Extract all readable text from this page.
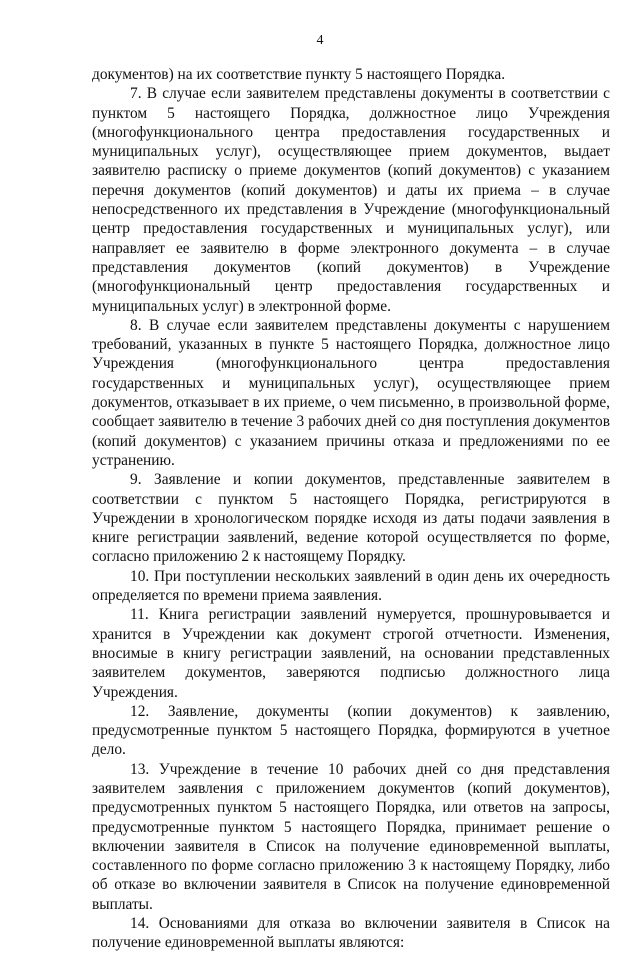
4

документов) на их соответствие пункту 5 настоящего Порядка.

7. В случае если заявителем представлены документы в соответствии с пунктом 5 настоящего Порядка, должностное лицо Учреждения (многофункционального центра предоставления государственных и муниципальных услуг), осуществляющее прием документов, выдает заявителю расписку о приеме документов (копий документов) с указанием перечня документов (копий документов) и даты их приема – в случае непосредственного их представления в Учреждение (многофункциональный центр предоставления государственных и муниципальных услуг), или направляет ее заявителю в форме электронного документа – в случае представления документов (копий документов) в Учреждение (многофункциональный центр предоставления государственных и муниципальных услуг) в электронной форме.

8. В случае если заявителем представлены документы с нарушением требований, указанных в пункте 5 настоящего Порядка, должностное лицо Учреждения (многофункционального центра предоставления государственных и муниципальных услуг), осуществляющее прием документов, отказывает в их приеме, о чем письменно, в произвольной форме, сообщает заявителю в течение 3 рабочих дней со дня поступления документов (копий документов) с указанием причины отказа и предложениями по ее устранению.

9. Заявление и копии документов, представленные заявителем в соответствии с пунктом 5 настоящего Порядка, регистрируются в Учреждении в хронологическом порядке исходя из даты подачи заявления в книге регистрации заявлений, ведение которой осуществляется по форме, согласно приложению 2 к настоящему Порядку.

10. При поступлении нескольких заявлений в один день их очередность определяется по времени приема заявления.

11. Книга регистрации заявлений нумеруется, прошнуровывается и хранится в Учреждении как документ строгой отчетности. Изменения, вносимые в книгу регистрации заявлений, на основании представленных заявителем документов, заверяются подписью должностного лица Учреждения.

12. Заявление, документы (копии документов) к заявлению, предусмотренные пунктом 5 настоящего Порядка, формируются в учетное дело.

13. Учреждение в течение 10 рабочих дней со дня представления заявителем заявления с приложением документов (копий документов), предусмотренных пунктом 5 настоящего Порядка, или ответов на запросы, предусмотренные пунктом 5 настоящего Порядка, принимает решение о включении заявителя в Список на получение единовременной выплаты, составленного по форме согласно приложению 3 к настоящему Порядку, либо об отказе во включении заявителя в Список на получение единовременной выплаты.

14. Основаниями для отказа во включении заявителя в Список на получение единовременной выплаты являются:
